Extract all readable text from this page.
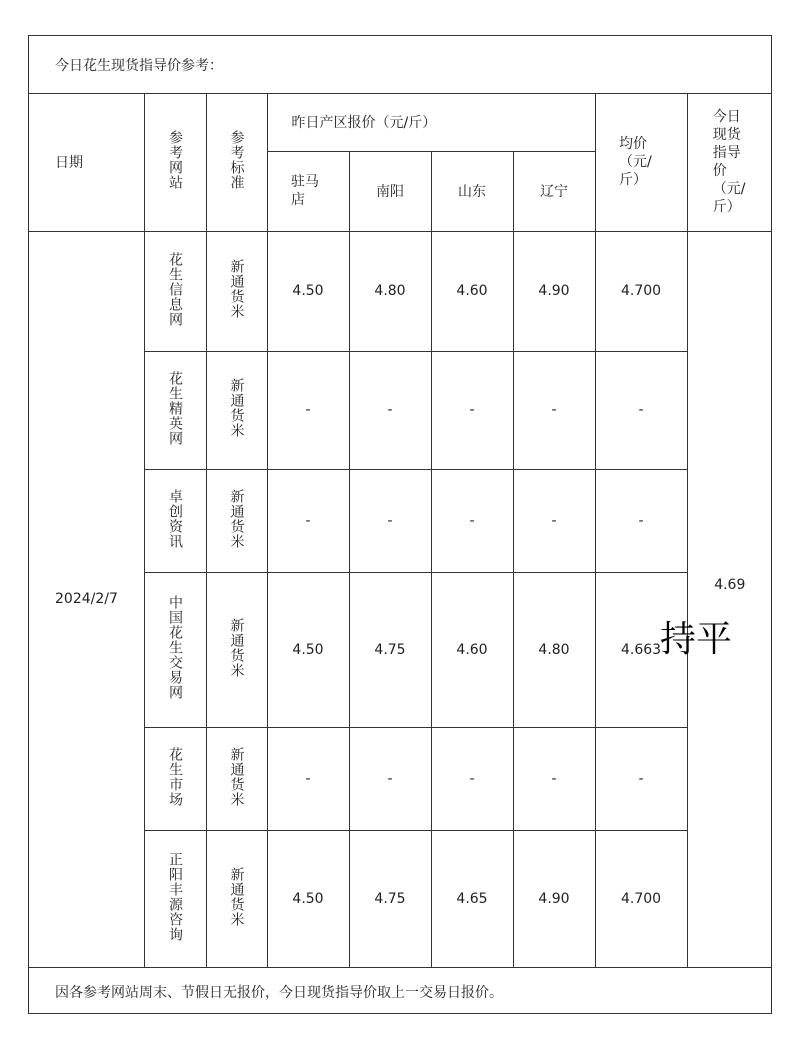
今日花生现货指导价参考：
日期	参考网站	参考标准	昨日产区报价（元/斤）				均价（元/斤）	今日现货指导价（元/斤）
			驻马店	南阳	山东	辽宁		
2024/2/7	花生信息网	新通货米	4.50	4.80	4.60	4.90	4.700	4.69

	花生精英网	新通货米	-	-	-	-	-	
	卓创资讯	新通货米	-	-	-	-	-	
	中国花生交易网	新通货米	4.50	4.75	4.60	4.80	4.663	
	花生市场	新通货米	-	-	-	-	-	
	正阳丰源咨询	新通货米	4.50	4.75	4.65	4.90	4.700	
因各参考网站周末、节假日无报价，今日现货指导价取上一交易日报价。
持平
